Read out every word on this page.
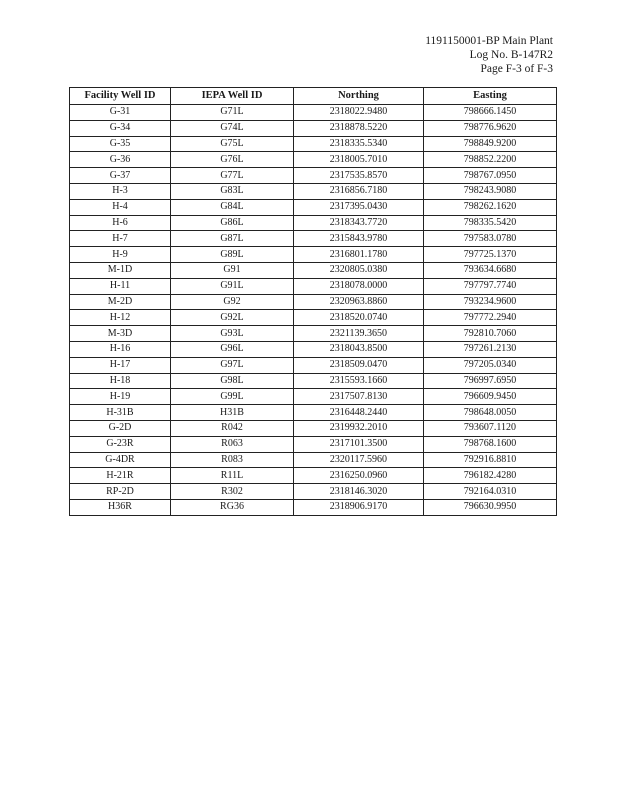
1191150001-BP Main Plant
Log No. B-147R2
Page F-3 of F-3
Facility Well ID	IEPA Well ID	Northing	Easting
G-31	G71L	2318022.9480	798666.1450
G-34	G74L	2318878.5220	798776.9620
G-35	G75L	2318335.5340	798849.9200
G-36	G76L	2318005.7010	798852.2200
G-37	G77L	2317535.8570	798767.0950
H-3	G83L	2316856.7180	798243.9080
H-4	G84L	2317395.0430	798262.1620
H-6	G86L	2318343.7720	798335.5420
H-7	G87L	2315843.9780	797583.0780
H-9	G89L	2316801.1780	797725.1370
M-1D	G91	2320805.0380	793634.6680
H-11	G91L	2318078.0000	797797.7740
M-2D	G92	2320963.8860	793234.9600
H-12	G92L	2318520.0740	797772.2940
M-3D	G93L	2321139.3650	792810.7060
H-16	G96L	2318043.8500	797261.2130
H-17	G97L	2318509.0470	797205.0340
H-18	G98L	2315593.1660	796997.6950
H-19	G99L	2317507.8130	796609.9450
H-31B	H31B	2316448.2440	798648.0050
G-2D	R042	2319932.2010	793607.1120
G-23R	R063	2317101.3500	798768.1600
G-4DR	R083	2320117.5960	792916.8810
H-21R	R11L	2316250.0960	796182.4280
RP-2D	R302	2318146.3020	792164.0310
H36R	RG36	2318906.9170	796630.9950
